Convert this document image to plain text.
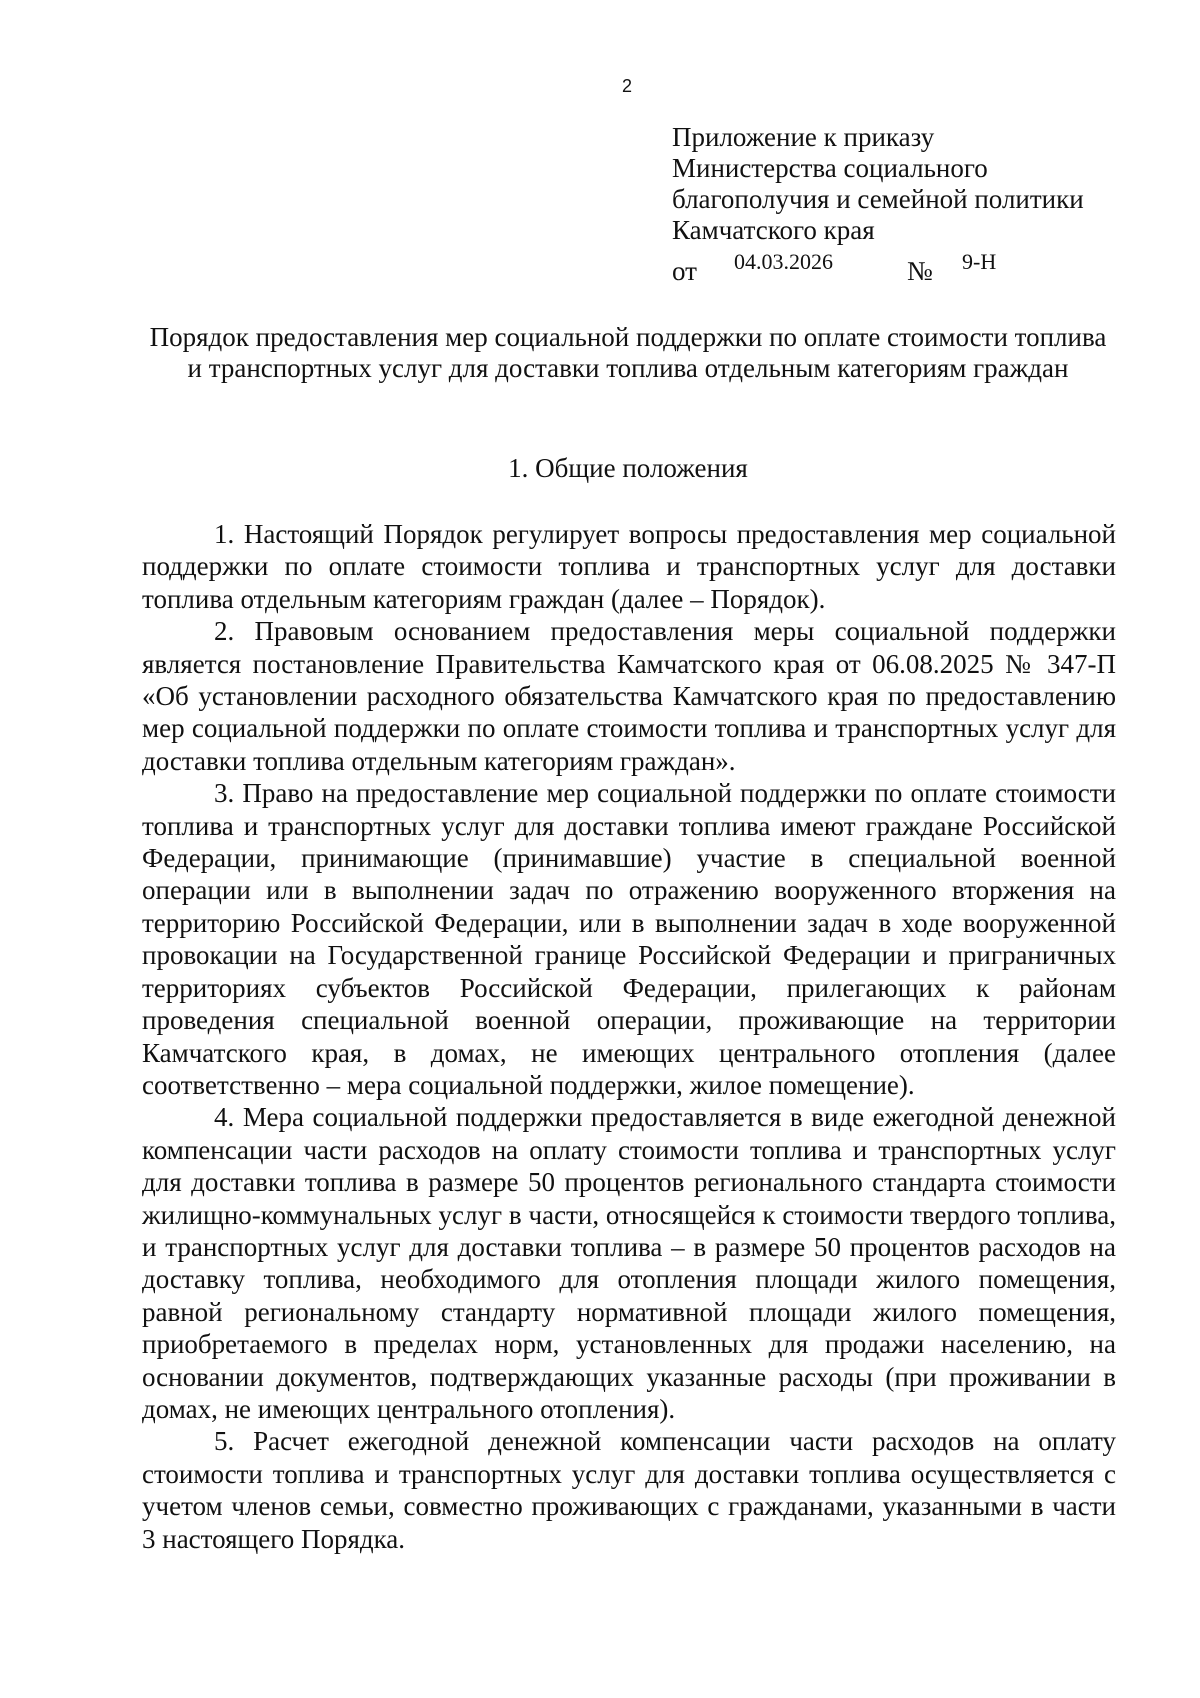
2
Приложение к приказу
Министерства социального
благополучия и семейной политики
Камчатского края
от 04.03.2026	№ 9-Н
Порядок предоставления мер социальной поддержки по оплате стоимости топлива и транспортных услуг для доставки топлива отдельным категориям граждан
1. Общие положения

1. Настоящий Порядок регулирует вопросы предоставления мер социальной поддержки по оплате стоимости топлива и транспортных услуг для доставки топлива отдельным категориям граждан (далее – Порядок).

2. Правовым основанием предоставления меры социальной поддержки является постановление Правительства Камчатского края от 06.08.2025 № 347-П «Об установлении расходного обязательства Камчатского края по предоставлению мер социальной поддержки по оплате стоимости топлива и транспортных услуг для доставки топлива отдельным категориям граждан».

3. Право на предоставление мер социальной поддержки по оплате стоимости топлива и транспортных услуг для доставки топлива имеют граждане Российской Федерации, принимающие (принимавшие) участие в специальной военной операции или в выполнении задач по отражению вооруженного вторжения на территорию Российской Федерации, или в выполнении задач в ходе вооруженной провокации на Государственной границе Российской Федерации и приграничных территориях субъектов Российской Федерации, прилегающих к районам проведения специальной военной операции, проживающие на территории Камчатского края, в домах, не имеющих центрального отопления (далее соответственно – мера социальной поддержки, жилое помещение).

4. Мера социальной поддержки предоставляется в виде ежегодной денежной компенсации части расходов на оплату стоимости топлива и транспортных услуг для доставки топлива в размере 50 процентов регионального стандарта стоимости жилищно-коммунальных услуг в части, относящейся к стоимости твердого топлива, и транспортных услуг для доставки топлива – в размере 50 процентов расходов на доставку топлива, необходимого для отопления площади жилого помещения, равной региональному стандарту нормативной площади жилого помещения, приобретаемого в пределах норм, установленных для продажи населению, на основании документов, подтверждающих указанные расходы (при проживании в домах, не имеющих центрального отопления).

5. Расчет ежегодной денежной компенсации части расходов на оплату стоимости топлива и транспортных услуг для доставки топлива осуществляется с учетом членов семьи, совместно проживающих с гражданами, указанными в части 3 настоящего Порядка.
